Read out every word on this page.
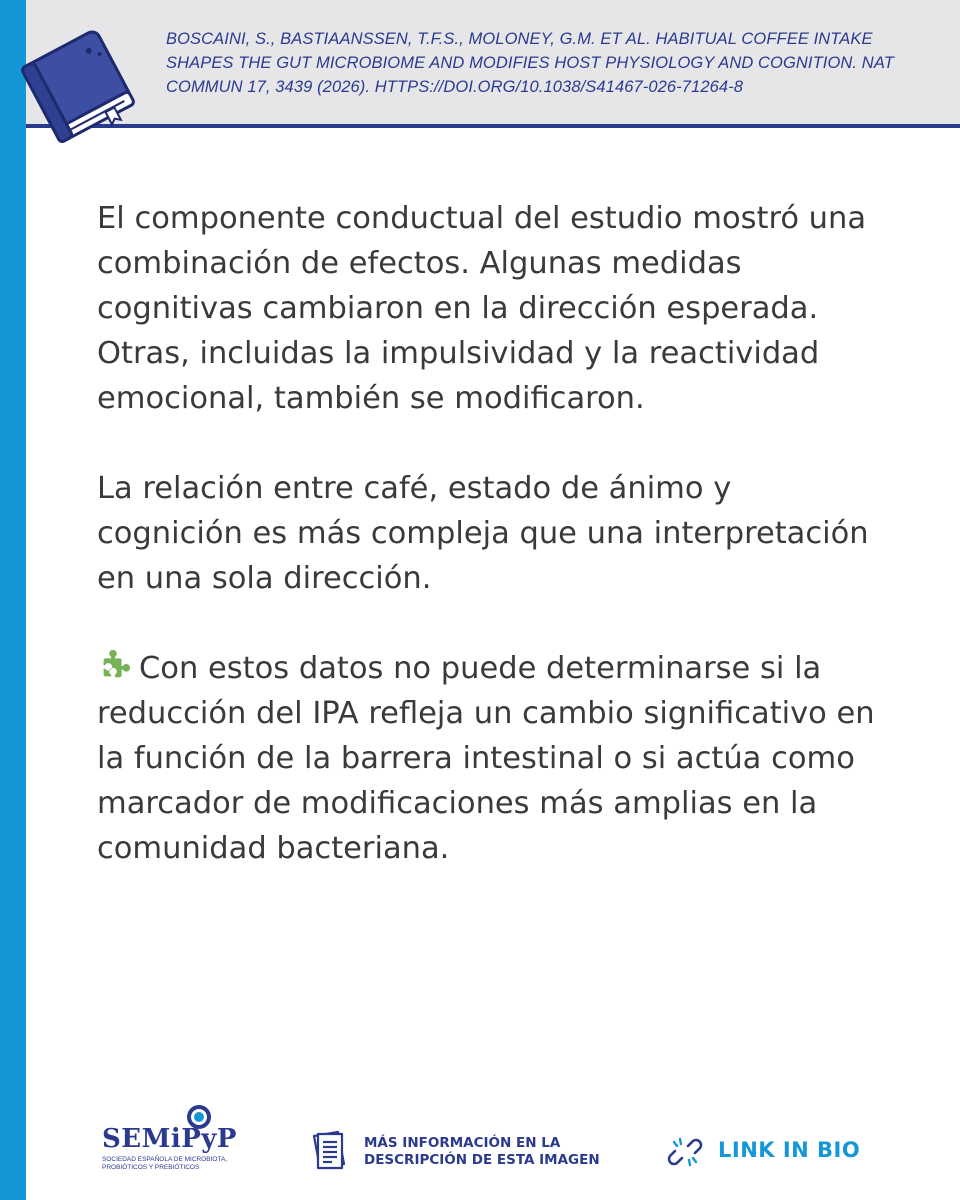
BOSCAINI, S., BASTIAANSSEN, T.F.S., MOLONEY, G.M. ET AL. HABITUAL COFFEE INTAKE SHAPES THE GUT MICROBIOME AND MODIFIES HOST PHYSIOLOGY AND COGNITION. NAT COMMUN 17, 3439 (2026). HTTPS://DOI.ORG/10.1038/S41467-026-71264-8

El componente conductual del estudio mostró una combinación de efectos. Algunas medidas cognitivas cambiaron en la dirección esperada. Otras, incluidas la impulsividad y la reactividad emocional, también se modificaron.

La relación entre café, estado de ánimo y cognición es más compleja que una interpretación en una sola dirección.

Con estos datos no puede determinarse si la reducción del IPA refleja un cambio significativo en la función de la barrera intestinal o si actúa como marcador de modificaciones más amplias en la comunidad bacteriana.

SEMiPyP
SOCIEDAD ESPAÑOLA DE MICROBIOTA, PROBIÓTICOS Y PREBIÓTICOS
MÁS INFORMACIÓN EN LA DESCRIPCIÓN DE ESTA IMAGEN	LINK IN BIO
